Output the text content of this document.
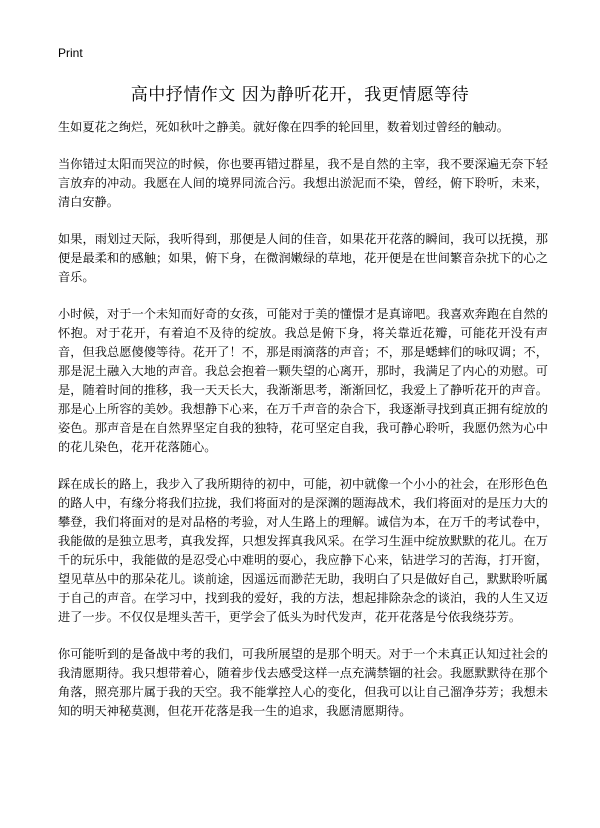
Print
高中抒情作文 因为静听花开，我更情愿等待

生如夏花之绚烂，死如秋叶之静美。就好像在四季的轮回里，数着划过曾经的触动。

当你错过太阳而哭泣的时候，你也要再错过群星，我不是自然的主宰，我不要深遍无奈下轻言放弃的冲动。我愿在人间的境界同流合污。我想出淤泥而不染，曾经，俯下聆听，未来，清白安静。

如果，雨划过天际，我听得到，那便是人间的佳音，如果花开花落的瞬间，我可以抚摸，那便是最柔和的感触；如果，俯下身，在微润嫩绿的草地，花开便是在世间繁音杂扰下的心之音乐。

小时候，对于一个未知而好奇的女孩，可能对于美的懂憬才是真谛吧。我喜欢奔跑在自然的怀抱。对于花开，有着迫不及待的绽放。我总是俯下身，将关靠近花瓣，可能花开没有声音，但我总愿傻傻等待。花开了！不，那是雨滴落的声音；不，那是蟋蟀们的咏叹调；不，那是泥土融入大地的声音。我总会抱着一颗失望的心离开，那时，我满足了内心的劝慰。可是，随着时间的推移，我一天天长大，我渐渐思考，渐渐回忆，我爱上了静听花开的声音。那是心上所容的美妙。我想静下心来，在万千声音的杂合下，我逐渐寻找到真正拥有绽放的姿色。那声音是在自然界坚定自我的独特，花可坚定自我，我可静心聆听，我愿仍然为心中的花儿染色，花开花落随心。

踩在成长的路上，我步入了我所期待的初中，可能，初中就像一个小小的社会，在形形色色的路人中，有缘分将我们拉拢，我们将面对的是深渊的题海战术，我们将面对的是压力大的攀登，我们将面对的是对品格的考验，对人生路上的理解。诚信为本，在万千的考试卷中，我能做的是独立思考，真我发挥，只想发挥真我风采。在学习生涯中绽放默默的花儿。在万千的玩乐中，我能做的是忍受心中难明的耍心，我应静下心来，钻进学习的苦海，打开窗，望见草丛中的那朵花儿。谈前途，因遥远而渺茫无助，我明白了只是做好自己，默默聆听属于自己的声音。在学习中，找到我的爱好，我的方法，想起排除杂念的谈泊，我的人生又迈进了一步。不仅仅是埋头苦干，更学会了低头为时代发声，花开花落是兮依我绕芬芳。

你可能听到的是备战中考的我们，可我所展望的是那个明天。对于一个未真正认知过社会的我清愿期待。我只想带着心，随着步伐去感受这样一点充满禁锢的社会。我愿默默待在那个角落，照亮那片属于我的天空。我不能掌控人心的变化，但我可以让自己溜净芬芳；我想未知的明天神秘莫测，但花开花落是我一生的追求，我愿清愿期待。
